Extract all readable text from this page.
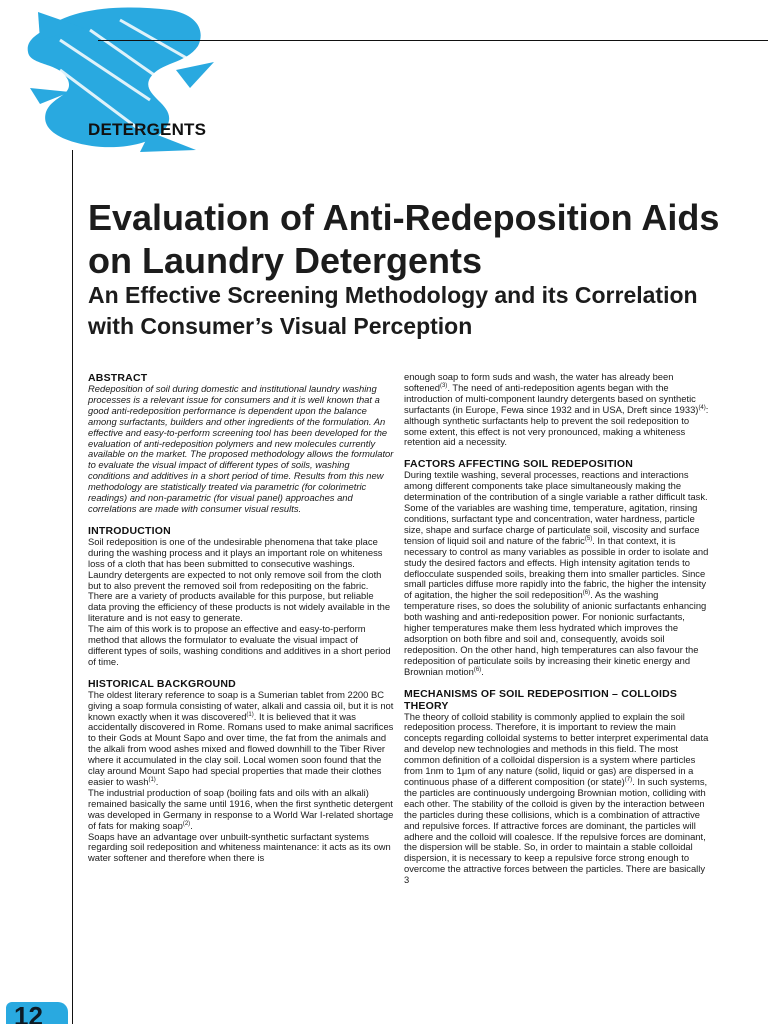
DETERGENTS
Evaluation of Anti-Redeposition Aids on Laundry Detergents
An Effective Screening Methodology and its Correlation with Consumer’s Visual Perception
ABSTRACT

Redeposition of soil during domestic and institutional laundry washing processes is a relevant issue for consumers and it is well known that a good anti-redeposition performance is dependent upon the balance among surfactants, builders and other ingredients of the formulation. An effective and easy-to-perform screening tool has been developed for the evaluation of anti-redeposition polymers and new molecules currently available on the market. The proposed methodology allows the formulator to evaluate the visual impact of different types of soils, washing conditions and additives in a short period of time. Results from this new methodology are statistically treated via parametric (for colorimetric readings) and non-parametric (for visual panel) approaches and correlations are made with consumer visual results.

INTRODUCTION

Soil redeposition is one of the undesirable phenomena that take place during the washing process and it plays an important role on whiteness loss of a cloth that has been submitted to consecutive washings.

Laundry detergents are expected to not only remove soil from the cloth but to also prevent the removed soil from redepositing on the fabric. There are a variety of products available for this purpose, but reliable data proving the efficiency of these products is not widely available in the literature and is not easy to generate.

The aim of this work is to propose an effective and easy-to-perform method that allows the formulator to evaluate the visual impact of different types of soils, washing conditions and additives in a short period of time.

HISTORICAL BACKGROUND

The oldest literary reference to soap is a Sumerian tablet from 2200 BC giving a soap formula consisting of water, alkali and cassia oil, but it is not known exactly when it was discovered$^{(1)}$. It is believed that it was accidentally discovered in Rome. Romans used to make animal sacrifices to their Gods at Mount Sapo and over time, the fat from the animals and the alkali from wood ashes mixed and flowed downhill to the Tiber River where it accumulated in the clay soil. Local women soon found that the clay around Mount Sapo had special properties that made their clothes easier to wash$^{(1)}$.

The industrial production of soap (boiling fats and oils with an alkali) remained basically the same until 1916, when the first synthetic detergent was developed in Germany in response to a World War I-related shortage of fats for making soap$^{(2)}$.

Soaps have an advantage over unbuilt-synthetic surfactant systems regarding soil redeposition and whiteness maintenance: it acts as its own water softener and therefore when there is

enough soap to form suds and wash, the water has already been softened$^{(3)}$. The need of anti-redeposition agents began with the introduction of multi-component laundry detergents based on synthetic surfactants (in Europe, Fewa since 1932 and in USA, Dreft since 1933)$^{(4)}$: although synthetic surfactants help to prevent the soil redeposition to some extent, this effect is not very pronounced, making a whiteness retention aid a necessity.

FACTORS AFFECTING SOIL REDEPOSITION

During textile washing, several processes, reactions and interactions among different components take place simultaneously making the determination of the contribution of a single variable a rather difficult task. Some of the variables are washing time, temperature, agitation, rinsing conditions, surfactant type and concentration, water hardness, particle size, shape and surface charge of particulate soil, viscosity and surface tension of liquid soil and nature of the fabric$^{(5)}$. In that context, it is necessary to control as many variables as possible in order to isolate and study the desired factors and effects. High intensity agitation tends to deflocculate suspended soils, breaking them into smaller particles. Since small particles diffuse more rapidly into the fabric, the higher the intensity of agitation, the higher the soil redeposition$^{(6)}$. As the washing temperature rises, so does the solubility of anionic surfactants enhancing both washing and anti-redeposition power. For nonionic surfactants, higher temperatures make them less hydrated which improves the adsorption on both fibre and soil and, consequently, avoids soil redeposition. On the other hand, high temperatures can also favour the redeposition of particulate soils by increasing their kinetic energy and Brownian motion$^{(6)}$.

MECHANISMS OF SOIL REDEPOSITION – COLLOIDS THEORY

The theory of colloid stability is commonly applied to explain the soil redeposition process. Therefore, it is important to review the main concepts regarding colloidal systems to better interpret experimental data and develop new technologies and methods in this field. The most common definition of a colloidal dispersion is a system where particles from 1nm to 1μm of any nature (solid, liquid or gas) are dispersed in a continuous phase of a different composition (or state)$^{(7)}$. In such systems, the particles are continuously undergoing Brownian motion, colliding with each other. The stability of the colloid is given by the interaction between the particles during these collisions, which is a combination of attractive and repulsive forces. If attractive forces are dominant, the particles will adhere and the colloid will coalesce. If the repulsive forces are dominant, the dispersion will be stable. So, in order to maintain a stable colloidal dispersion, it is necessary to keep a repulsive force strong enough to overcome the attractive forces between the particles. There are basically 3

12
